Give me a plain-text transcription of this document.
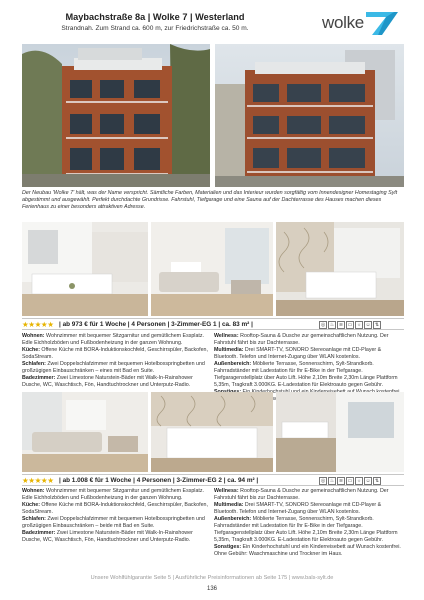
Maybachstraße 8a | Wolke 7 | Westerland
Strandnah. Zum Strand ca. 600 m, zur Friedrichstraße ca. 50 m.	wolke
Der Neubau 'Wolke 7' hält, was der Name verspricht. Sämtliche Farben, Materialien und das Interieur wurden sorgfältig vom Innendesigner Homestaging Sylt abgestimmt und ausgewählt. Perfekt durchdachte Grundrisse. Fahrstuhl, Tiefgarage und eine Sauna auf der Dachterrasse des Hauses machen dieses Ferienhaus zu einer besonders attraktiven Adresse.
★★★★★ | ab 973 € für 1 Woche | 4 Personen | 3-Zimmer-EG 1 | ca. 83 m² |	◎ ♨ ≋ ▭ ☼ ☺ ⇅

Wohnen: Wohnzimmer mit bequemer Sitzgarnitur und gemütlichem Essplatz. Edle Eichholzböden und Fußbodenheizung in der ganzen Wohnung.

Küche: Offene Küche mit BORA-Induktionskochfeld, Geschirrspüler, Backofen, SodaStream.

Schlafen: Zwei Doppelschlafzimmer mit bequemen Hotelboxspringbetten und großzügigen Einbauschränken – eines mit Bad en Suite.

Badezimmer: Zwei Limestone Naturstein-Bäder mit Walk-In-Rainshower Dusche, WC, Waschtisch, Fön, Handtuchtrockner und Unterputz-Radio.

Wellness: Rooftop-Sauna & Dusche zur gemeinschaftlichen Nutzung. Der Fahrstuhl fährt bis zur Dachterrasse.

Multimedia: Drei SMART-TV, SONORO Stereoanlage mit CD-Player & Bluetooth. Telefon und Internet-Zugang über WLAN kostenlos.

Außenbereich: Möblierte Terrasse, Sonnenschirm, Sylt-Strandkorb. Fahrradständer mit Ladestation für Ihr E-Bike in der Tiefgarage. Tiefgaragenstellplatz über Auto Lift. Höhe 2,10m Breite 2,30m Länge Plattform 5,35m, Tragkraft 3.000KG. E-Ladestation für Elektroauto gegen Gebühr.

★★★★★ | ab 1.008 € für 1 Woche | 4 Personen | 3-Zimmer-EG 2 | ca. 94 m² |	◎ ♨ ≋ ▭ ☼ ☺ ⇅

Wohnen: Wohnzimmer mit bequemer Sitzgarnitur und gemütlichem Essplatz. Edle Eichholzböden und Fußbodenheizung in der ganzen Wohnung.

Küche: Offene Küche mit BORA-Induktionskochfeld, Geschirrspüler, Backofen, SodaStream.

Schlafen: Zwei Doppelschlafzimmer mit bequemen Hotelboxspringbetten und großzügigen Einbauschränken – beide mit Bad en Suite.

Badezimmer: Zwei Limestone Naturstein-Bäder mit Walk-In-Rainshower Dusche, WC, Waschtisch, Fön, Handtuchtrockner und Unterputz-Radio.

Wellness: Rooftop-Sauna & Dusche zur gemeinschaftlichen Nutzung. Der Fahrstuhl fährt bis zur Dachterrasse.

Multimedia: Drei SMART-TV, SONORO Stereoanlage mit CD-Player & Bluetooth. Telefon und Internet-Zugang über WLAN kostenlos.

Außenbereich: Möblierte Terrasse, Sonnenschirm, Sylt-Strandkorb. Fahrradständer mit Ladestation für Ihr E-Bike in der Tiefgarage. Tiefgaragenstellplatz über Auto Lift. Höhe 2,10m Breite 2,30m Länge Plattform 5,35m, Tragkraft 3.000KG. E-Ladestation für Elektroauto gegen Gebühr.

Sonstiges: Ein Kinderhochstuhl und ein Kinderreisebett auf Wunsch kostenfrei. Ohne Gebühr: Waschmaschine und Trockner im Haus.

Unsere Wohlfühlgarantie Seite 5 | Ausführliche Preisinformationen ab Seite 175 | www.bals-sylt.de
136
